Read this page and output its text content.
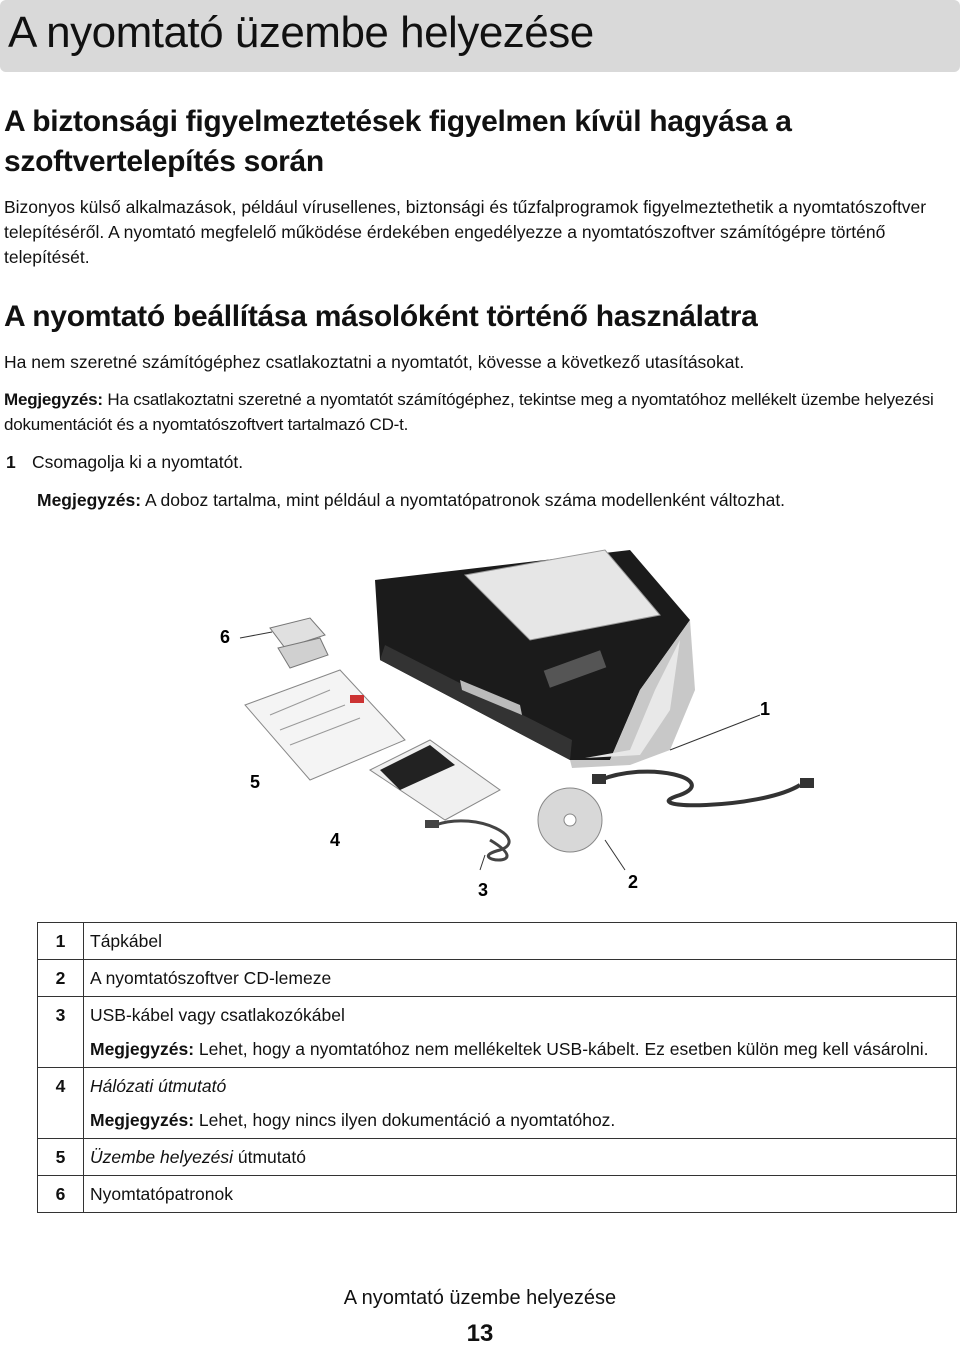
A nyomtató üzembe helyezése
A biztonsági figyelmeztetések figyelmen kívül hagyása a
szoftvertelepítés során

Bizonyos külső alkalmazások, például vírusellenes, biztonsági és tűzfalprogramok figyelmeztethetik a nyomtatószoftver telepítéséről. A nyomtató megfelelő működése érdekében engedélyezze a nyomtatószoftver számítógépre történő telepítését.

A nyomtató beállítása másolóként történő használatra

Ha nem szeretné számítógéphez csatlakoztatni a nyomtatót, kövesse a következő utasításokat.

Megjegyzés: Ha csatlakoztatni szeretné a nyomtatót számítógéphez, tekintse meg a nyomtatóhoz mellékelt üzembe helyezési dokumentációt és a nyomtatószoftvert tartalmazó CD-t.

1 Csomagolja ki a nyomtatót.

Megjegyzés: A doboz tartalma, mint például a nyomtatópatronok száma modellenként változhat.

1
2
3
4
5
6
1	Tápkábel
2	A nyomtatószoftver CD-lemeze
3	USB-kábel vagy csatlakozókábel
Megjegyzés: Lehet, hogy a nyomtatóhoz nem mellékeltek USB-kábelt. Ez esetben külön meg kell vásárolni.

4	Hálózati útmutató
Megjegyzés: Lehet, hogy nincs ilyen dokumentáció a nyomtatóhoz.

5	Üzembe helyezési útmutató
6	Nyomtatópatronok
A nyomtató üzembe helyezése
13
